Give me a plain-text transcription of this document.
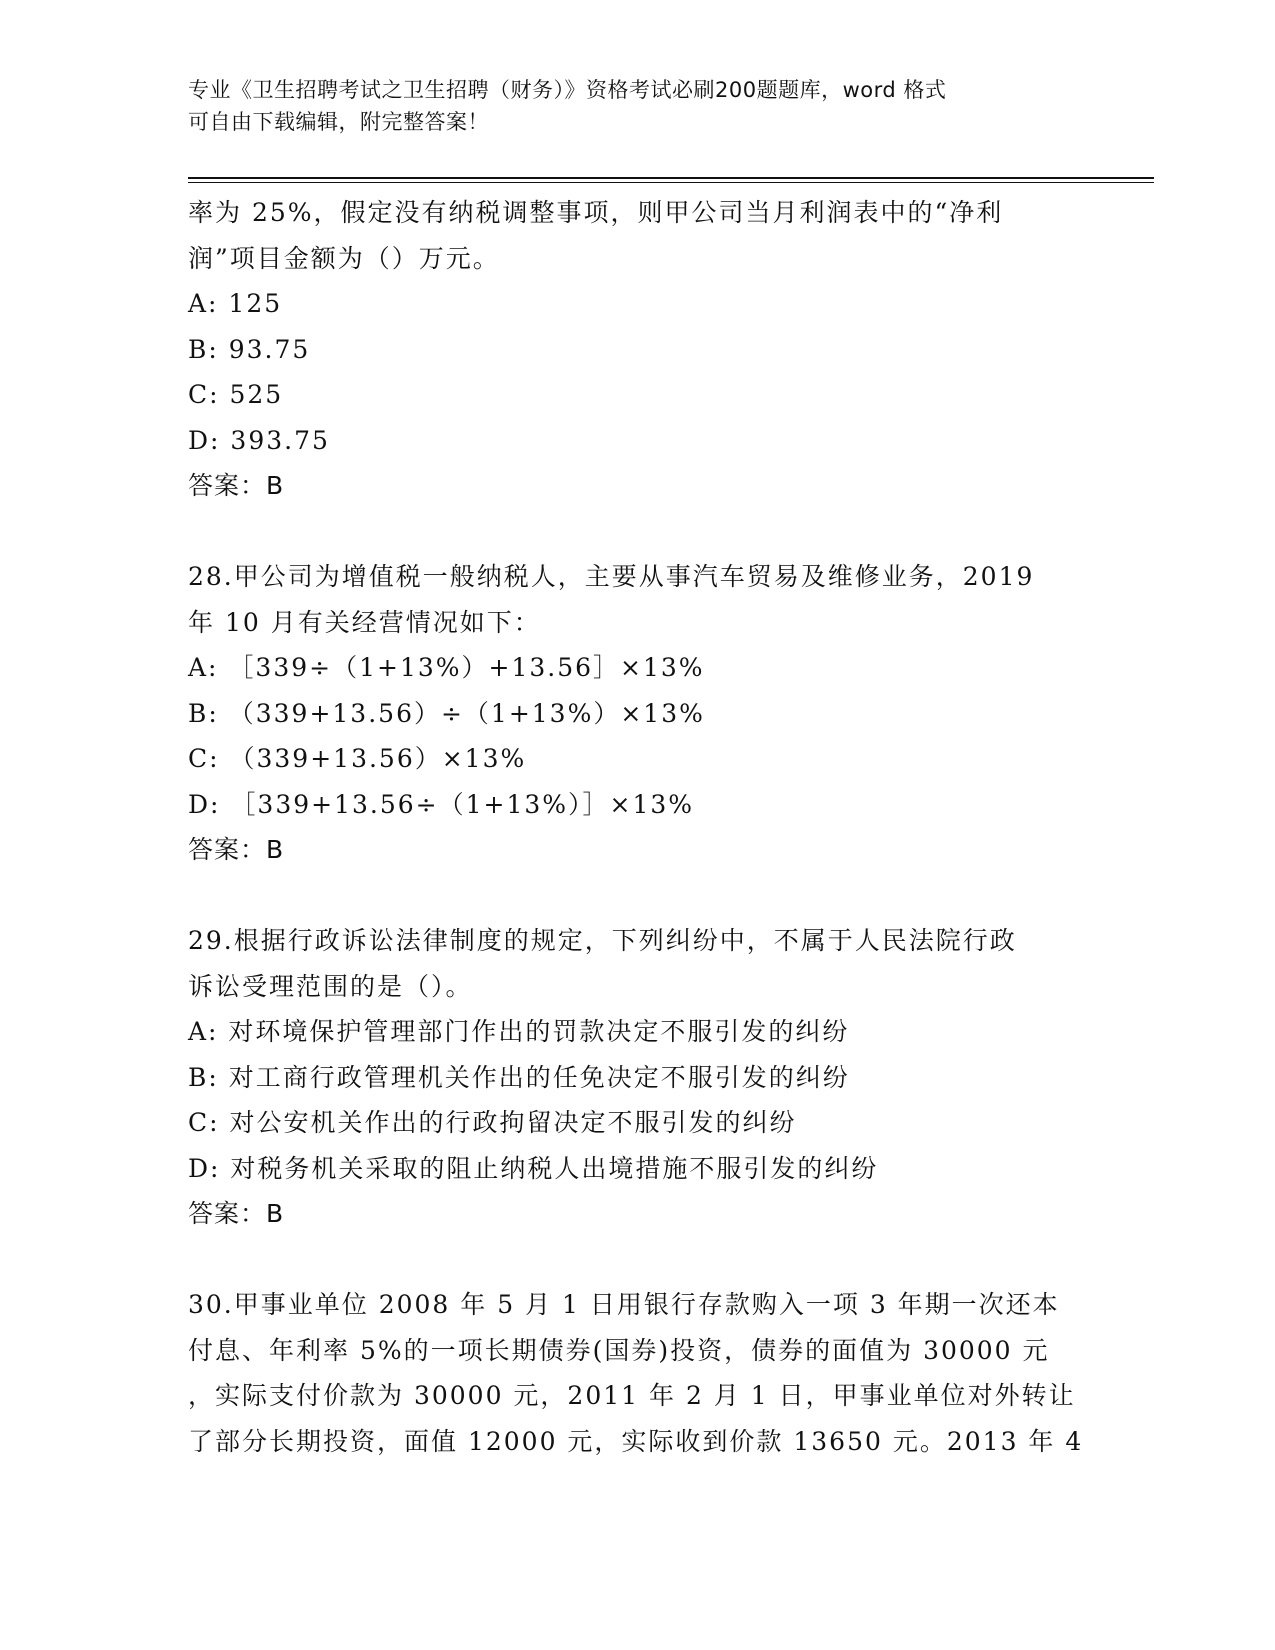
专业《卫生招聘考试之卫生招聘（财务）》资格考试必刷200题题库，word 格式
可自由下载编辑，附完整答案！
率为 25%，假定没有纳税调整事项，则甲公司当月利润表中的“净利
润”项目金额为（）万元。
A: 125
B: 93.75
C: 525
D: 393.75
答案：B
28.甲公司为增值税一般纳税人，主要从事汽车贸易及维修业务，2019
年 10 月有关经营情况如下：
A: ［339÷（1+13%）+13.56］×13%
B: （339+13.56）÷（1+13%）×13%
C: （339+13.56）×13%
D: ［339+13.56÷（1+13%）］×13%
答案：B
29.根据行政诉讼法律制度的规定，下列纠纷中，不属于人民法院行政
诉讼受理范围的是（）。
A: 对环境保护管理部门作出的罚款决定不服引发的纠纷
B: 对工商行政管理机关作出的任免决定不服引发的纠纷
C: 对公安机关作出的行政拘留决定不服引发的纠纷
D: 对税务机关采取的阻止纳税人出境措施不服引发的纠纷
答案：B
30.甲事业单位 2008 年 5 月 1 日用银行存款购入一项 3 年期一次还本
付息、年利率 5%的一项长期债券(国券)投资，债券的面值为 30000 元
，实际支付价款为 30000 元，2011 年 2 月 1 日，甲事业单位对外转让
了部分长期投资，面值 12000 元，实际收到价款 13650 元。2013 年 4
